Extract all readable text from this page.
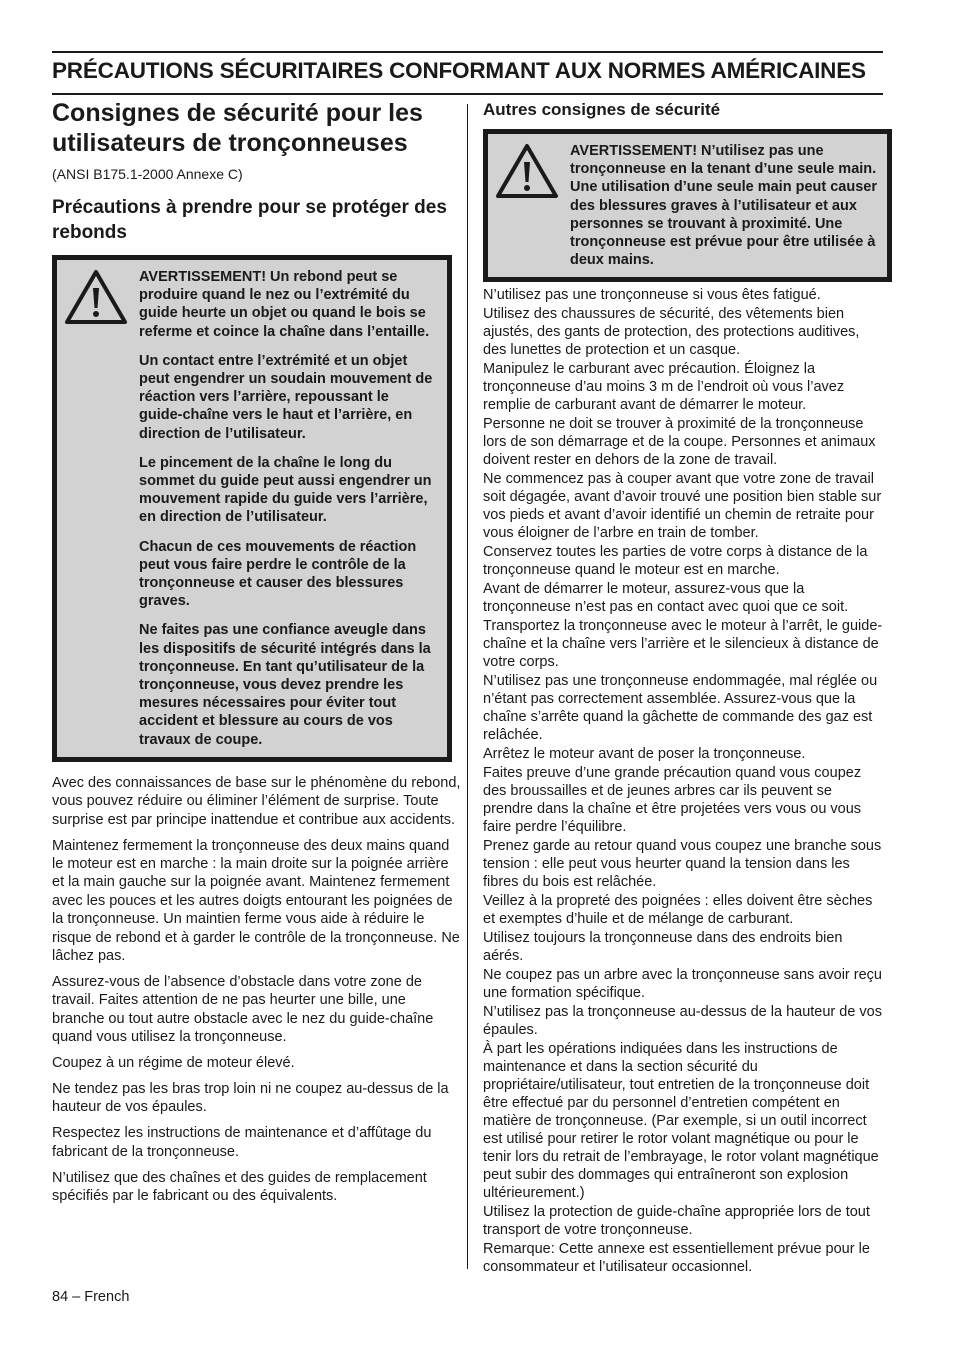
PRÉCAUTIONS SÉCURITAIRES CONFORMANT AUX NORMES AMÉRICAINES
Consignes de sécurité pour les utilisateurs de tronçonneuses

(ANSI B175.1-2000 Annexe C)

Précautions à prendre pour se protéger des rebonds

AVERTISSEMENT! Un rebond peut se produire quand le nez ou l’extrémité du guide heurte un objet ou quand le bois se referme et coince la chaîne dans l’entaille.

Un contact entre l’extrémité et un objet peut engendrer un soudain mouvement de réaction vers l’arrière, repoussant le guide-chaîne vers le haut et l’arrière, en direction de l’utilisateur.

Le pincement de la chaîne le long du sommet du guide peut aussi engendrer un mouvement rapide du guide vers l’arrière, en direction de l’utilisateur.

Chacun de ces mouvements de réaction peut vous faire perdre le contrôle de la tronçonneuse et causer des blessures graves.

Ne faites pas une confiance aveugle dans les dispositifs de sécurité intégrés dans la tronçonneuse. En tant qu’utilisateur de la tronçonneuse, vous devez prendre les mesures nécessaires pour éviter tout accident et blessure au cours de vos travaux de coupe.

Avec des connaissances de base sur le phénomène du rebond, vous pouvez réduire ou éliminer l’élément de surprise. Toute surprise est par principe inattendue et contribue aux accidents.

Maintenez fermement la tronçonneuse des deux mains quand le moteur est en marche : la main droite sur la poignée arrière et la main gauche sur la poignée avant. Maintenez fermement avec les pouces et les autres doigts entourant les poignées de la tronçonneuse. Un maintien ferme vous aide à réduire le risque de rebond et à garder le contrôle de la tronçonneuse. Ne lâchez pas.

Assurez-vous de l’absence d’obstacle dans votre zone de travail. Faites attention de ne pas heurter une bille, une branche ou tout autre obstacle avec le nez du guide-chaîne quand vous utilisez la tronçonneuse.

Coupez à un régime de moteur élevé.

Ne tendez pas les bras trop loin ni ne coupez au-dessus de la hauteur de vos épaules.

Respectez les instructions de maintenance et d’affûtage du fabricant de la tronçonneuse.

N’utilisez que des chaînes et des guides de remplacement spécifiés par le fabricant ou des équivalents.

Autres consignes de sécurité

AVERTISSEMENT! N’utilisez pas une tronçonneuse en la tenant d’une seule main. Une utilisation d’une seule main peut causer des blessures graves à l’utilisateur et aux personnes se trouvant à proximité. Une tronçonneuse est prévue pour être utilisée à deux mains.

N’utilisez pas une tronçonneuse si vous êtes fatigué.

Utilisez des chaussures de sécurité, des vêtements bien ajustés, des gants de protection, des protections auditives, des lunettes de protection et un casque.

Manipulez le carburant avec précaution. Éloignez la tronçonneuse d’au moins 3 m de l’endroit où vous l’avez remplie de carburant avant de démarrer le moteur.

Personne ne doit se trouver à proximité de la tronçonneuse lors de son démarrage et de la coupe. Personnes et animaux doivent rester en dehors de la zone de travail.

Ne commencez pas à couper avant que votre zone de travail soit dégagée, avant d’avoir trouvé une position bien stable sur vos pieds et avant d’avoir identifié un chemin de retraite pour vous éloigner de l’arbre en train de tomber.

Conservez toutes les parties de votre corps à distance de la tronçonneuse quand le moteur est en marche.

Avant de démarrer le moteur, assurez-vous que la tronçonneuse n’est pas en contact avec quoi que ce soit.

Transportez la tronçonneuse avec le moteur à l’arrêt, le guide-chaîne et la chaîne vers l’arrière et le silencieux à distance de votre corps.

N’utilisez pas une tronçonneuse endommagée, mal réglée ou n’étant pas correctement assemblée. Assurez-vous que la chaîne s’arrête quand la gâchette de commande des gaz est relâchée.

Arrêtez le moteur avant de poser la tronçonneuse.

Faites preuve d’une grande précaution quand vous coupez des broussailles et de jeunes arbres car ils peuvent se prendre dans la chaîne et être projetées vers vous ou vous faire perdre l’équilibre.

Prenez garde au retour quand vous coupez une branche sous tension : elle peut vous heurter quand la tension dans les fibres du bois est relâchée.

Veillez à la propreté des poignées : elles doivent être sèches et exemptes d’huile et de mélange de carburant.

Utilisez toujours la tronçonneuse dans des endroits bien aérés.

Ne coupez pas un arbre avec la tronçonneuse sans avoir reçu une formation spécifique.

N’utilisez pas la tronçonneuse au-dessus de la hauteur de vos épaules.

À part les opérations indiquées dans les instructions de maintenance et dans la section sécurité du propriétaire/utilisateur, tout entretien de la tronçonneuse doit être effectué par du personnel d’entretien compétent en matière de tronçonneuse. (Par exemple, si un outil incorrect est utilisé pour retirer le rotor volant magnétique ou pour le tenir lors du retrait de l’embrayage, le rotor volant magnétique peut subir des dommages qui entraîneront son explosion ultérieurement.)

Utilisez la protection de guide-chaîne appropriée lors de tout transport de votre tronçonneuse.

Remarque: Cette annexe est essentiellement prévue pour le consommateur et l’utilisateur occasionnel.

84 – French
